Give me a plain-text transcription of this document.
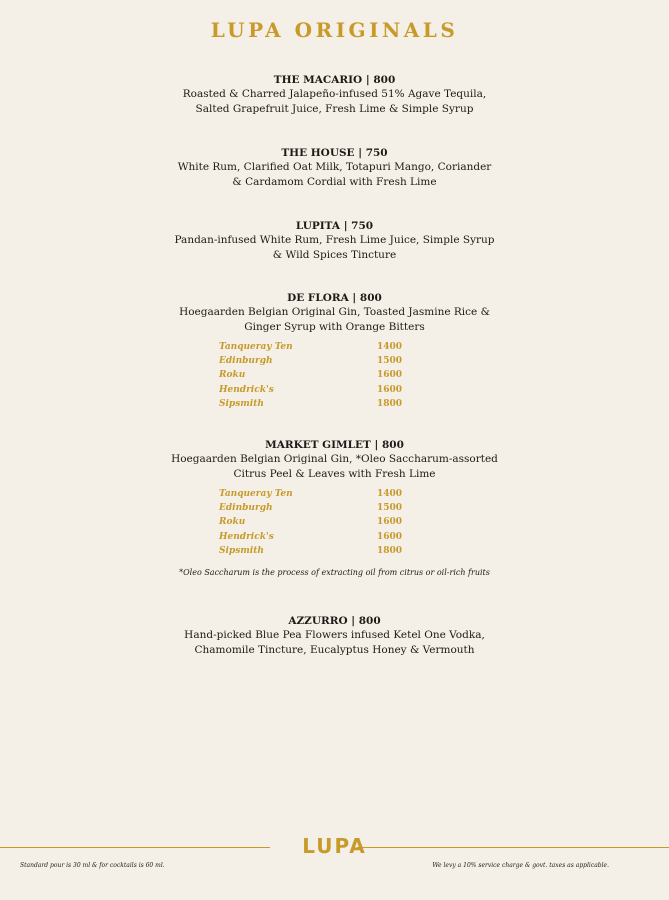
LUPA ORIGINALS
THE MACARIO | 800
Roasted & Charred Jalapeño-infused 51% Agave Tequila,
Salted Grapefruit Juice, Fresh Lime & Simple Syrup
THE HOUSE | 750
White Rum, Clarified Oat Milk, Totapuri Mango, Coriander
& Cardamom Cordial with Fresh Lime
LUPITA | 750
Pandan-infused White Rum, Fresh Lime Juice, Simple Syrup
& Wild Spices Tincture
DE FLORA | 800
Hoegaarden Belgian Original Gin, Toasted Jasmine Rice &
Ginger Syrup with Orange Bitters
Tanqueray Ten	1400
Edinburgh	1500
Roku	1600
Hendrick's	1600
Sipsmith	1800
MARKET GIMLET | 800
Hoegaarden Belgian Original Gin, *Oleo Saccharum-assorted
Citrus Peel & Leaves with Fresh Lime
Tanqueray Ten	1400
Edinburgh	1500
Roku	1600
Hendrick's	1600
Sipsmith	1800
*Oleo Saccharum is the process of extracting oil from citrus or oil-rich fruits
AZZURRO | 800
Hand-picked Blue Pea Flowers infused Ketel One Vodka,
Chamomile Tincture, Eucalyptus Honey & Vermouth
LUPA
Standard pour is 30 ml & for cocktails is 60 ml.	We levy a 10% service charge & govt. taxes as applicable.
